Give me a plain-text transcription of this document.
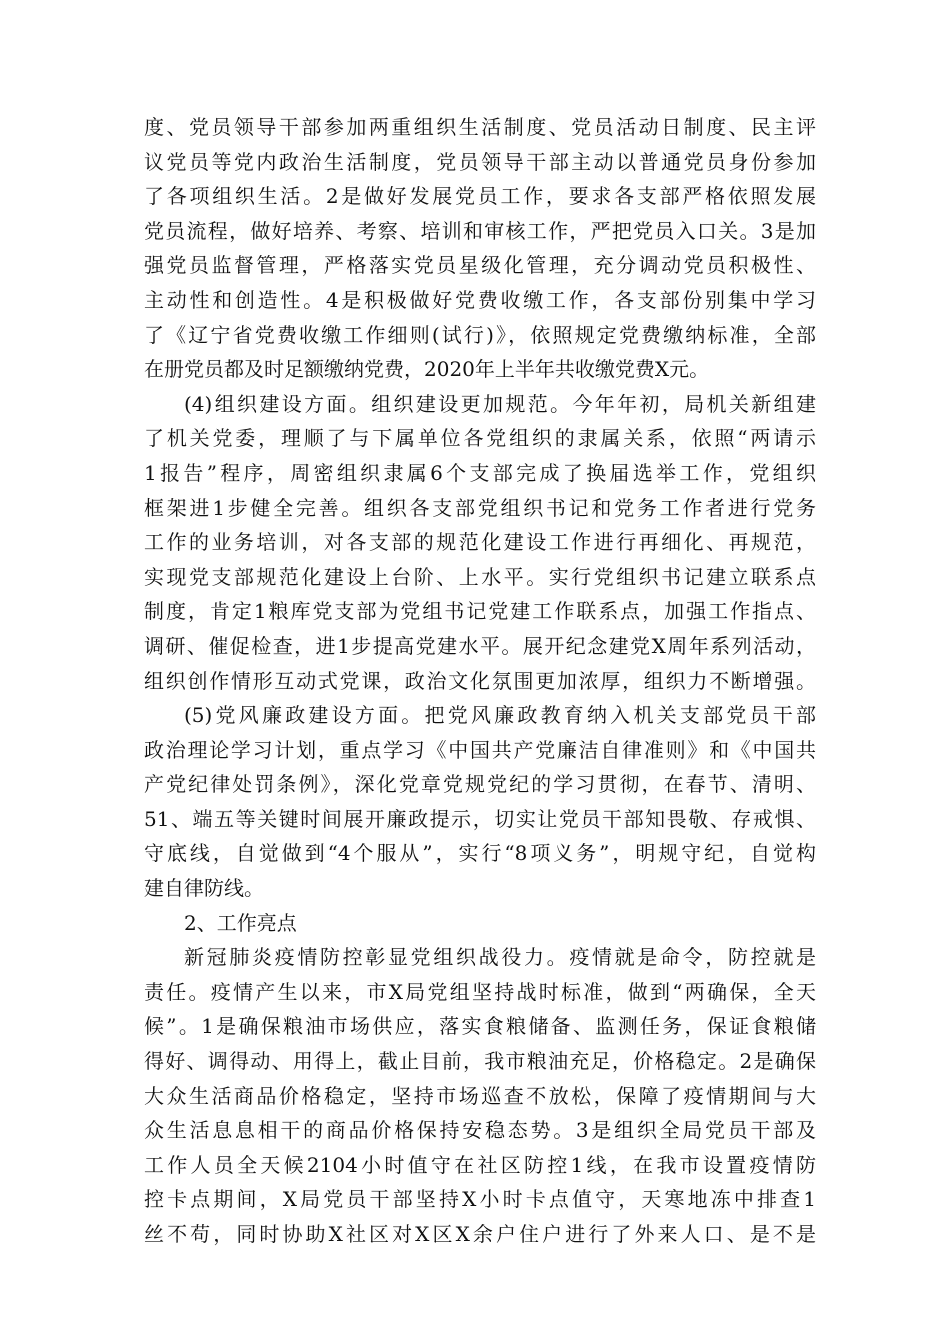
度、党员领导干部参加两重组织生活制度、党员活动日制度、民主评
议党员等党内政治生活制度，党员领导干部主动以普通党员身份参加
了各项组织生活。2是做好发展党员工作，要求各支部严格依照发展
党员流程，做好培养、考察、培训和审核工作，严把党员入口关。3是加
强党员监督管理，严格落实党员星级化管理，充分调动党员积极性、
主动性和创造性。4是积极做好党费收缴工作，各支部份别集中学习
了《辽宁省党费收缴工作细则(试行)》，依照规定党费缴纳标准，全部
在册党员都及时足额缴纳党费，2020年上半年共收缴党费X元。
(4)组织建设方面。组织建设更加规范。今年年初，局机关新组建
了机关党委，理顺了与下属单位各党组织的隶属关系，依照“两请示
1报告”程序，周密组织隶属6个支部完成了换届选举工作，党组织
框架进1步健全完善。组织各支部党组织书记和党务工作者进行党务
工作的业务培训，对各支部的规范化建设工作进行再细化、再规范，
实现党支部规范化建设上台阶、上水平。实行党组织书记建立联系点
制度，肯定1粮库党支部为党组书记党建工作联系点，加强工作指点、
调研、催促检查，进1步提高党建水平。展开纪念建党X周年系列活动，
组织创作情形互动式党课，政治文化氛围更加浓厚，组织力不断增强。
(5)党风廉政建设方面。把党风廉政教育纳入机关支部党员干部
政治理论学习计划，重点学习《中国共产党廉洁自律准则》和《中国共
产党纪律处罚条例》，深化党章党规党纪的学习贯彻，在春节、清明、
51、端五等关键时间展开廉政提示，切实让党员干部知畏敬、存戒惧、
守底线，自觉做到“4个服从”，实行“8项义务”，明规守纪，自觉构
建自律防线。
2、工作亮点
新冠肺炎疫情防控彰显党组织战役力。疫情就是命令，防控就是
责任。疫情产生以来，市X局党组坚持战时标准，做到“两确保，全天
候”。1是确保粮油市场供应，落实食粮储备、监测任务，保证食粮储
得好、调得动、用得上，截止目前，我市粮油充足，价格稳定。2是确保
大众生活商品价格稳定，坚持市场巡查不放松，保障了疫情期间与大
众生活息息相干的商品价格保持安稳态势。3是组织全局党员干部及
工作人员全天候2104小时值守在社区防控1线，在我市设置疫情防
控卡点期间，X局党员干部坚持X小时卡点值守，天寒地冻中排查1
丝不苟，同时协助X社区对X区X余户住户进行了外来人口、是不是
